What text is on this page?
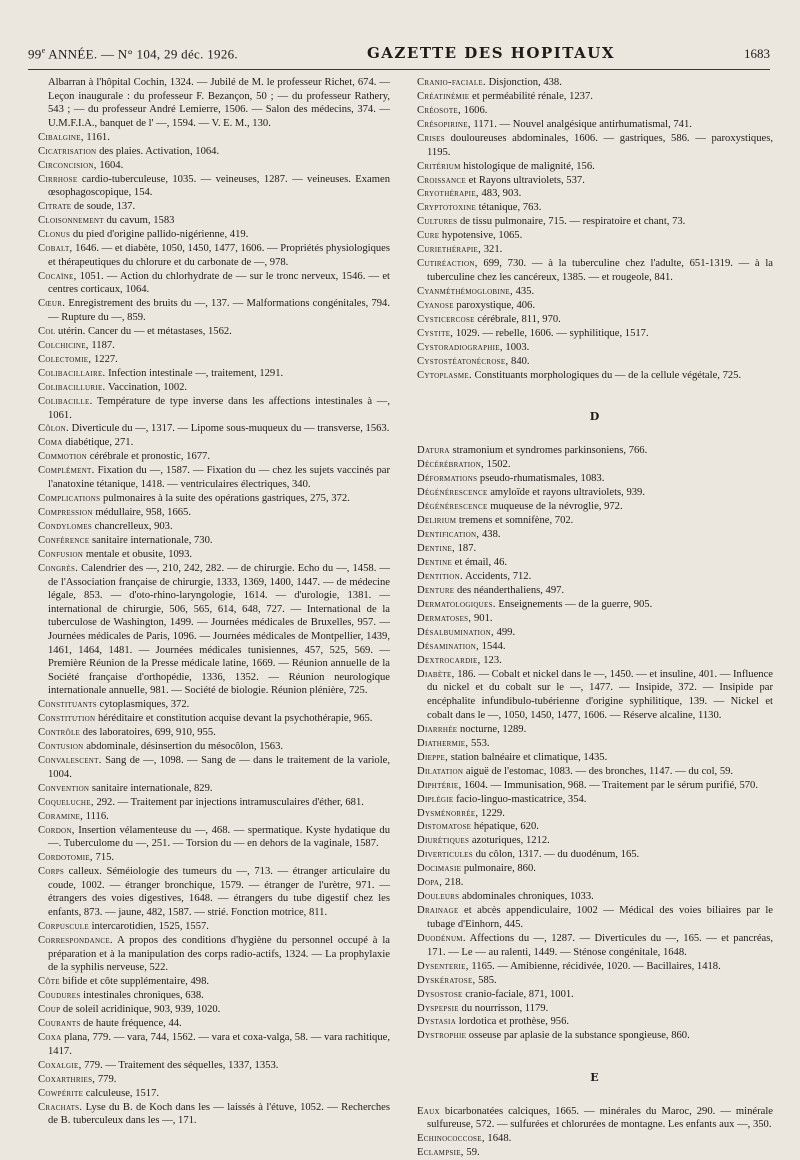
99e ANNÉE. — N° 104, 29 déc. 1926.	GAZETTE DES HOPITAUX	1683

Albarran à l'hôpital Cochin, 1324. — Jubilé de M. le professeur Richet, 674. — Leçon inaugurale : du professeur F. Bezançon, 50 ; — du professeur Rathery, 543 ; — du professeur André Lemierre, 1506. — Salon des médecins, 374. — U.M.F.I.A., banquet de l' —, 1594. — V. E. M., 130.

Cibalgine, 1161.

Cicatrisation des plaies. Activation, 1064.

Circoncision, 1604.

Cirrhose cardio-tuberculeuse, 1035. — veineuses, 1287. — veineuses. Examen œsophagoscopique, 154.

Citrate de soude, 137.

Cloisonnement du cavum, 1583

Clonus du pied d'origine pallido-nigérienne, 419.

Cobalt, 1646. — et diabète, 1050, 1450, 1477, 1606. — Propriétés physiologiques et thérapeutiques du chlorure et du carbonate de —, 978.

Cocaïne, 1051. — Action du chlorhydrate de — sur le tronc nerveux, 1546. — et centres corticaux, 1064.

Cœur. Enregistrement des bruits du —, 137. — Malformations congénitales, 794. — Rupture du —, 859.

Col utérin. Cancer du — et métastases, 1562.

Colchicine, 1187.

Colectomie, 1227.

Colibacillaire. Infection intestinale —, traitement, 1291.

Colibacillurie. Vaccination, 1002.

Colibacille. Température de type inverse dans les affections intestinales à —, 1061.

Côlon. Diverticule du —, 1317. — Lipome sous-muqueux du — transverse, 1563.

Coma diabétique, 271.

Commotion cérébrale et pronostic, 1677.

Complément. Fixation du —, 1587. — Fixation du — chez les sujets vaccinés par l'anatoxine tétanique, 1418. — ventriculaires électriques, 340.

Complications pulmonaires à la suite des opérations gastriques, 275, 372.

Compression médullaire, 958, 1665.

Condylomes chancrelleux, 903.

Conférence sanitaire internationale, 730.

Confusion mentale et obusite, 1093.

Congrès. Calendrier des —, 210, 242, 282. — de chirurgie. Echo du —, 1458. — de l'Association française de chirurgie, 1333, 1369, 1400, 1447. — de médecine légale, 853. — d'oto-rhino-laryngologie, 1614. — d'urologie, 1381. — international de chirurgie, 506, 565, 614, 648, 727. — International de la tuberculose de Washington, 1499. — Journées médicales de Bruxelles, 957. — Journées médicales de Paris, 1096. — Journées médicales de Montpellier, 1439, 1461, 1464, 1481. — Journées médicales tunisiennes, 457, 525, 569. — Première Réunion de la Presse médicale latine, 1669. — Réunion annuelle de la Société française d'orthopédie, 1336, 1352. — Réunion neurologique internationale annuelle, 981. — Société de biologie. Réunion plénière, 725.

Constituants cytoplasmiques, 372.

Constitution héréditaire et constitution acquise devant la psychothérapie, 965.

Contrôle des laboratoires, 699, 910, 955.

Contusion abdominale, désinsertion du mésocôlon, 1563.

Convalescent. Sang de —, 1098. — Sang de — dans le traitement de la variole, 1004.

Convention sanitaire internationale, 829.

Coqueluche, 292. — Traitement par injections intramusculaires d'éther, 681.

Coramine, 1116.

Cordon, Insertion vélamenteuse du —, 468. — spermatique. Kyste hydatique du —. Tuberculome du —, 251. — Torsion du — en dehors de la vaginale, 1587.

Cordotomie, 715.

Corps calleux. Séméiologie des tumeurs du —, 713. — étranger articulaire du coude, 1002. — étranger bronchique, 1579. — étranger de l'urètre, 971. — étrangers des voies digestives, 1648. — étrangers du tube digestif chez les enfants, 873. — jaune, 482, 1587. — strié. Fonction motrice, 811.

Corpuscule intercarotidien, 1525, 1557.

Correspondance. A propos des conditions d'hygiène du personnel occupé à la préparation et à la manipulation des corps radio-actifs, 1324. — La prophylaxie de la syphilis nerveuse, 522.

Côte bifide et côte supplémentaire, 498.

Coudures intestinales chroniques, 638.

Coup de soleil acridinique, 903, 939, 1020.

Courants de haute fréquence, 44.

Coxa plana, 779. — vara, 744, 1562. — vara et coxa-valga, 58. — vara rachitique, 1417.

Coxalgie, 779. — Traitement des séquelles, 1337, 1353.

Coxarthries, 779.

Cowpérite calculeuse, 1517.

Crachats. Lyse du B. de Koch dans les — laissés à l'étuve, 1052. — Recherches de B. tuberculeux dans les —, 171.

Cranio-faciale. Disjonction, 438.

Créatinémie et perméabilité rénale, 1237.

Créosote, 1606.

Crésopirine, 1171. — Nouvel analgésique antirhumatismal, 741.

Crises douloureuses abdominales, 1606. — gastriques, 586. — paroxystiques, 1195.

Critérium histologique de malignité, 156.

Croissance et Rayons ultraviolets, 537.

Cryothérapie, 483, 903.

Cryptotoxine tétanique, 763.

Cultures de tissu pulmonaire, 715. — respiratoire et chant, 73.

Cure hypotensive, 1065.

Curiethérapie, 321.

Cutiréaction, 699, 730. — à la tuberculine chez l'adulte, 651-1319. — à la tuberculine chez les cancéreux, 1385. — et rougeole, 841.

Cyanméthémoglobine, 435.

Cyanose paroxystique, 406.

Cysticercose cérébrale, 811, 970.

Cystite, 1029. — rebelle, 1606. — syphilitique, 1517.

Cystoradiographie, 1003.

Cystostéatonécrose, 840.

Cytoplasme. Constituants morphologiques du — de la cellule végétale, 725.

D

Datura stramonium et syndromes parkinsoniens, 766.

Décérébration, 1502.

Déformations pseudo-rhumatismales, 1083.

Dégénérescence amyloïde et rayons ultraviolets, 939.

Dégénérescence muqueuse de la névroglie, 972.

Delirium tremens et somnifène, 702.

Dentification, 438.

Dentine, 187.

Dentine et émail, 46.

Dentition. Accidents, 712.

Denture des néanderthaliens, 497.

Dermatologiques. Enseignements — de la guerre, 905.

Dermatoses, 901.

Désalbumination, 499.

Désamination, 1544.

Dextrocardie, 123.

Diabète, 186. — Cobalt et nickel dans le —, 1450. — et insuline, 401. — Influence du nickel et du cobalt sur le —, 1477. — Insipide, 372. — Insipide par encéphalite infundibulo-tubérienne d'origine syphilitique, 139. — Nickel et cobalt dans le —, 1050, 1450, 1477, 1606. — Réserve alcaline, 1130.

Diarrhée nocturne, 1289.

Diathermie, 553.

Dieppe, station balnéaire et climatique, 1435.

Dilatation aiguë de l'estomac, 1083. — des bronches, 1147. — du col, 59.

Diphtérie, 1604. — Immunisation, 968. — Traitement par le sérum purifié, 570.

Diplégie facio-linguo-masticatrice, 354.

Dysménorrée, 1229.

Distomatose hépatique, 620.

Diurétiques azoturiques, 1212.

Diverticules du côlon, 1317. — du duodénum, 165.

Docimasie pulmonaire, 860.

Dopa, 218.

Douleurs abdominales chroniques, 1033.

Drainage et abcès appendiculaire, 1002 — Médical des voies biliaires par le tubage d'Einhorn, 445.

Duodénum. Affections du —, 1287. — Diverticules du —, 165. — et pancréas, 171. — Le — au ralenti, 1449. — Sténose congénitale, 1648.

Dysenterie, 1165. — Amibienne, récidivée, 1020. — Bacillaires, 1418.

Dyskératose, 585.

Dysostose cranio-faciale, 871, 1001.

Dyspepsie du nourrisson, 1179.

Dystasia lordotica et prothèse, 956.

Dystrophie osseuse par aplasie de la substance spongieuse, 860.

E

Eaux bicarbonatées calciques, 1665. — minérales du Maroc, 290. — minérale sulfureuse, 572. — sulfurées et chlorurées de montagne. Les enfants aux —, 350.

Echinococcose, 1648.

Eclampsie, 59.
